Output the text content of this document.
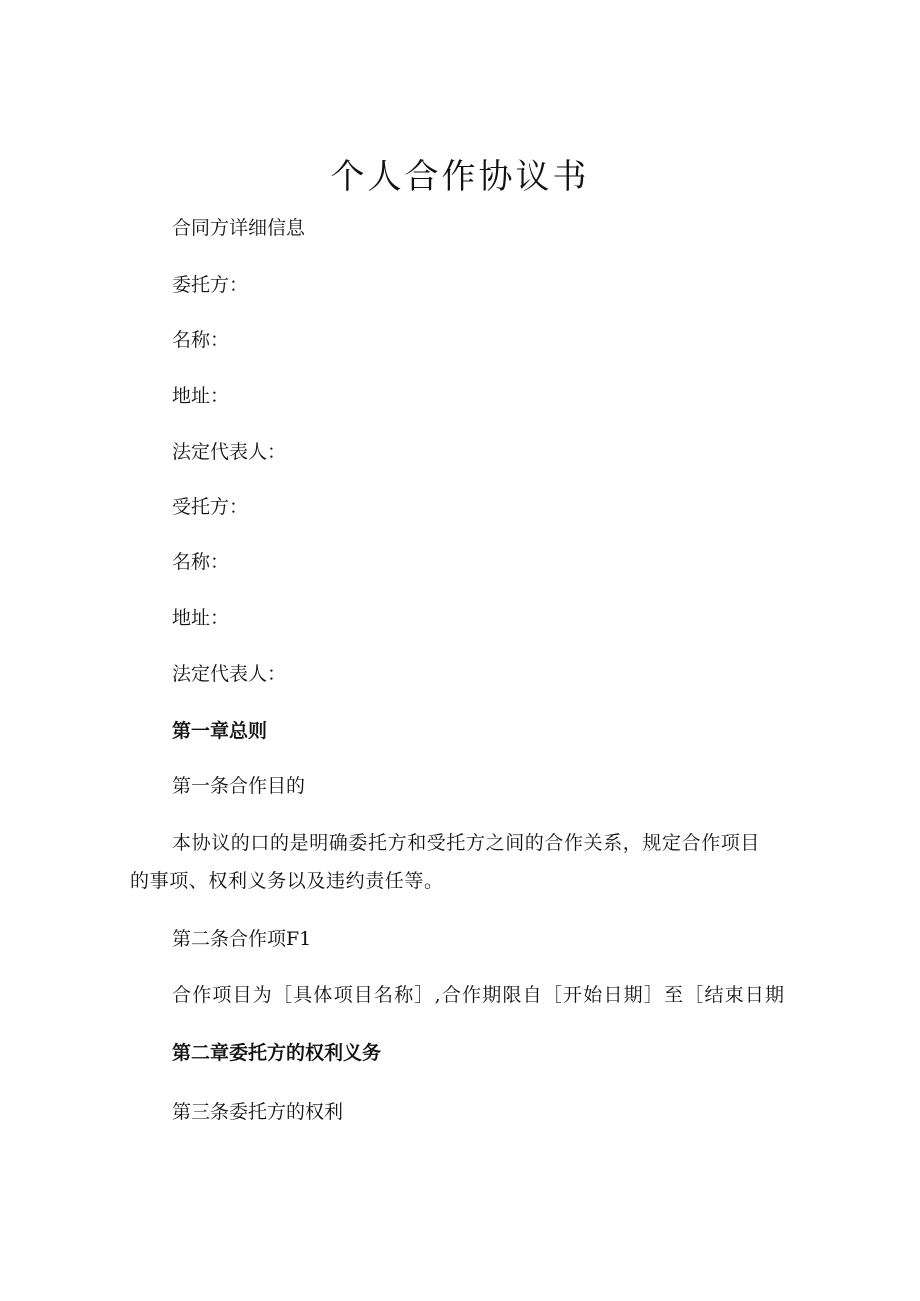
个人合作协议书
合同方详细信息
委托方：
名称：
地址：
法定代表人：
受托方：
名称：
地址：
法定代表人：
第一章总则
第一条合作目的
本协议的口的是明确委托方和受托方之间的合作关系，规定合作项目的事项、权利义务以及违约责任等。
第二条合作项F1
合作项目为［具体项目名称］,合作期限自［开始日期］至［结束日期
第二章委托方的权利义务
第三条委托方的权利
